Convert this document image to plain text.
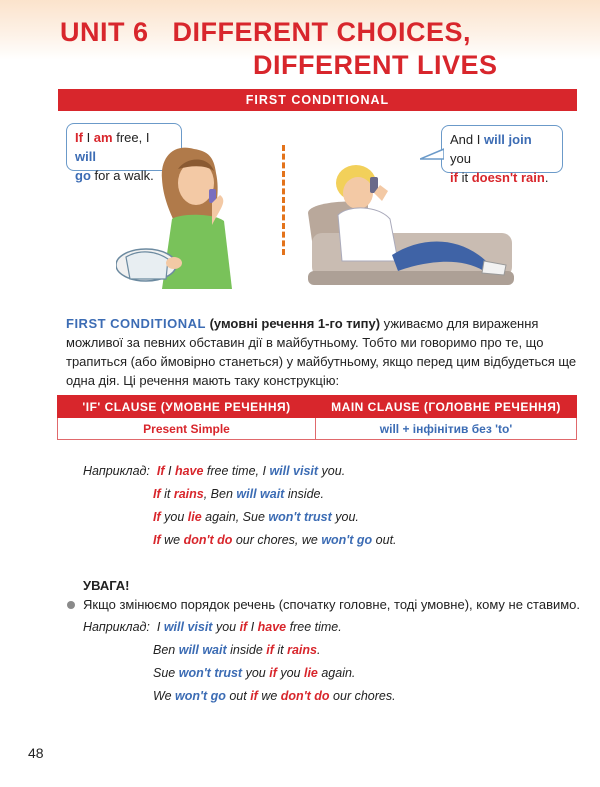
UNIT 6 DIFFERENT CHOICES,
DIFFERENT LIVES
FIRST CONDITIONAL
If I am free, I will
go for a walk.
And I will join you
if it doesn't rain.
FIRST CONDITIONAL (умовні речення 1-го типу) уживаємо для вираження можливої за певних обставин дії в майбутньому. Тобто ми говоримо про те, що трапиться (або ймовірно станеться) у майбутньому, якщо перед цим відбудеться ще одна дія. Ці речення мають таку конструкцію:
'IF' CLAUSE (УМОВНЕ РЕЧЕННЯ)	MAIN CLAUSE (ГОЛОВНЕ РЕЧЕННЯ)
Present Simple	will + інфінітив без 'to'
Наприклад: If I have free time, I will visit you.
If it rains, Ben will wait inside.
If you lie again, Sue won't trust you.
If we don't do our chores, we won't go out.
УВАГА!
Якщо змінюємо порядок речень (спочатку головне, тоді умовне), кому не ставимо.
Наприклад: I will visit you if I have free time.
Ben will wait inside if it rains.
Sue won't trust you if you lie again.
We won't go out if we don't do our chores.
48
